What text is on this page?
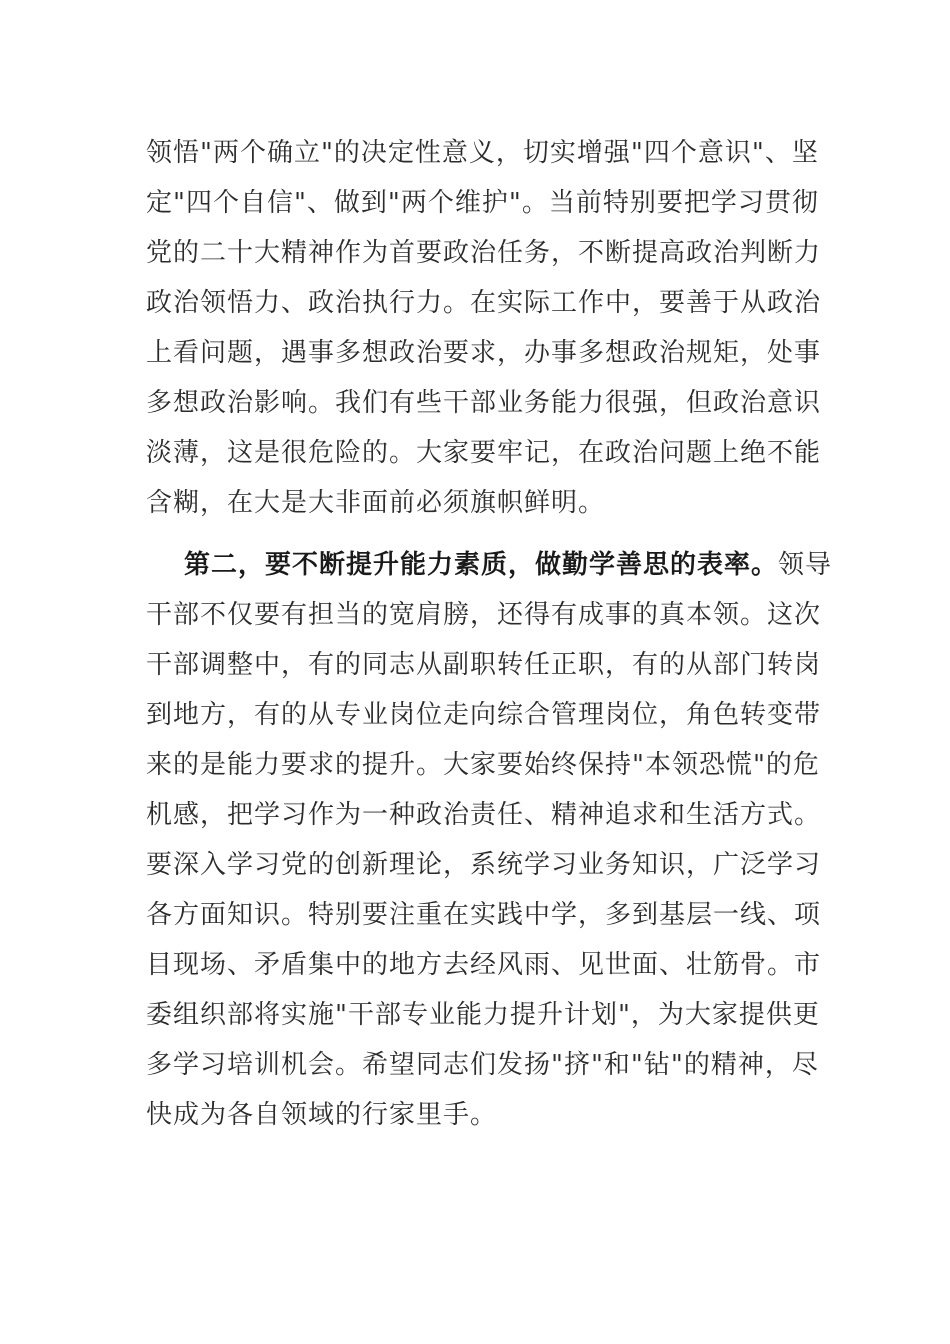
领悟"两个确立"的决定性意义，切实增强"四个意识"、坚
定"四个自信"、做到"两个维护"。当前特别要把学习贯彻
党的二十大精神作为首要政治任务，不断提高政治判断力
政治领悟力、政治执行力。在实际工作中，要善于从政治
上看问题，遇事多想政治要求，办事多想政治规矩，处事
多想政治影响。我们有些干部业务能力很强，但政治意识
淡薄，这是很危险的。大家要牢记，在政治问题上绝不能
含糊，在大是大非面前必须旗帜鲜明。
第二，要不断提升能力素质，做勤学善思的表率。领导
干部不仅要有担当的宽肩膀，还得有成事的真本领。这次
干部调整中，有的同志从副职转任正职，有的从部门转岗
到地方，有的从专业岗位走向综合管理岗位，角色转变带
来的是能力要求的提升。大家要始终保持"本领恐慌"的危
机感，把学习作为一种政治责任、精神追求和生活方式。
要深入学习党的创新理论，系统学习业务知识，广泛学习
各方面知识。特别要注重在实践中学，多到基层一线、项
目现场、矛盾集中的地方去经风雨、见世面、壮筋骨。市
委组织部将实施"干部专业能力提升计划"，为大家提供更
多学习培训机会。希望同志们发扬"挤"和"钻"的精神，尽
快成为各自领域的行家里手。
